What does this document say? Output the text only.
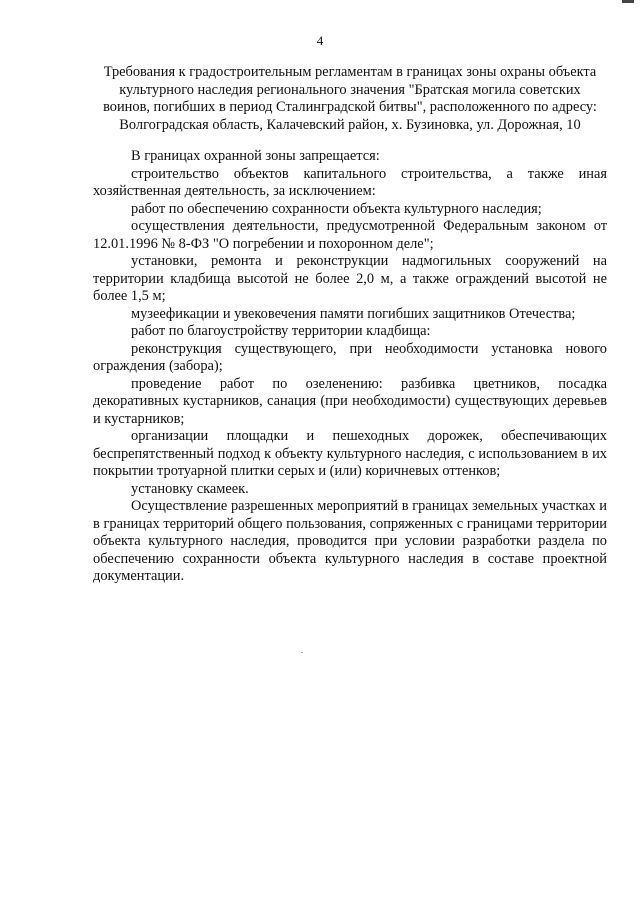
4
Требования к градостроительным регламентам в границах зоны охраны объекта
культурного наследия регионального значения "Братская могила советских
воинов, погибших в период Сталинградской битвы", расположенного по адресу:
Волгоградская область, Калачевский район, х. Бузиновка, ул. Дорожная, 10

В границах охранной зоны запрещается:

строительство объектов капитального строительства, а также иная хозяйственная деятельность, за исключением:

работ по обеспечению сохранности объекта культурного наследия;

осуществления деятельности, предусмотренной Федеральным законом от 12.01.1996 № 8-ФЗ "О погребении и похоронном деле";

установки, ремонта и реконструкции надмогильных сооружений на территории кладбища высотой не более 2,0 м, а также ограждений высотой не более 1,5 м;

музеефикации и увековечения памяти погибших защитников Отечества;

работ по благоустройству территории кладбища:

реконструкция существующего, при необходимости установка нового ограждения (забора);

проведение работ по озеленению: разбивка цветников, посадка декоративных кустарников, санация (при необходимости) существующих деревьев и кустарников;

организации площадки и пешеходных дорожек, обеспечивающих беспрепятственный подход к объекту культурного наследия, с использованием в их покрытии тротуарной плитки серых и (или) коричневых оттенков;

установку скамеек.

Осуществление разрешенных мероприятий в границах земельных участках и в границах территорий общего пользования, сопряженных с границами территории объекта культурного наследия, проводится при условии разработки раздела по обеспечению сохранности объекта культурного наследия в составе проектной документации.
